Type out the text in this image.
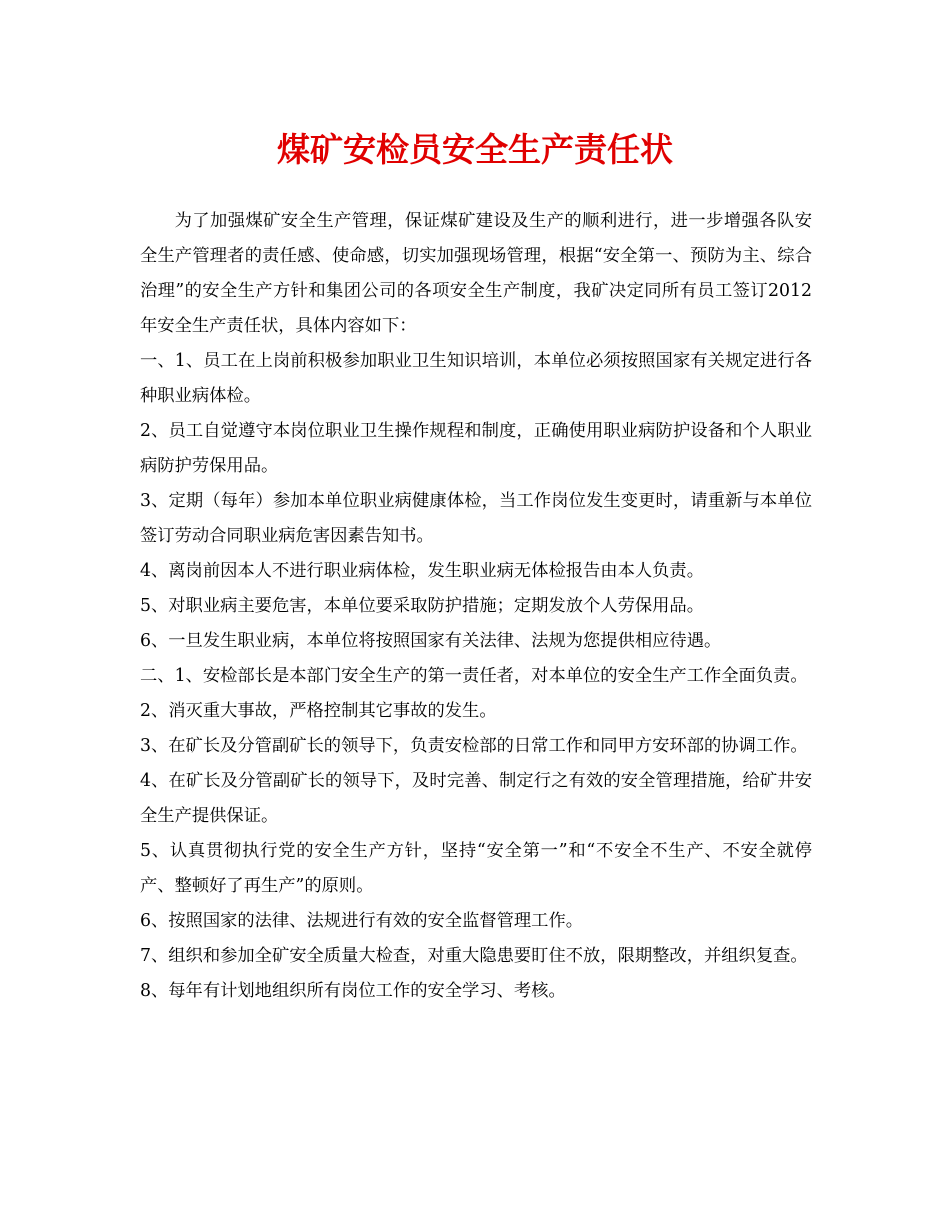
煤矿安检员安全生产责任状

为了加强煤矿安全生产管理，保证煤矿建设及生产的顺利进行，进一步增强各队安全生产管理者的责任感、使命感，切实加强现场管理，根据“安全第一、预防为主、综合治理”的安全生产方针和集团公司的各项安全生产制度，我矿决定同所有员工签订2012年安全生产责任状，具体内容如下：

一、1、员工在上岗前积极参加职业卫生知识培训，本单位必须按照国家有关规定进行各种职业病体检。

2、员工自觉遵守本岗位职业卫生操作规程和制度，正确使用职业病防护设备和个人职业病防护劳保用品。

3、定期（每年）参加本单位职业病健康体检，当工作岗位发生变更时，请重新与本单位签订劳动合同职业病危害因素告知书。

4、离岗前因本人不进行职业病体检，发生职业病无体检报告由本人负责。

5、对职业病主要危害，本单位要采取防护措施；定期发放个人劳保用品。

6、一旦发生职业病，本单位将按照国家有关法律、法规为您提供相应待遇。

二、1、安检部长是本部门安全生产的第一责任者，对本单位的安全生产工作全面负责。

2、消灭重大事故，严格控制其它事故的发生。

3、在矿长及分管副矿长的领导下，负责安检部的日常工作和同甲方安环部的协调工作。

4、在矿长及分管副矿长的领导下，及时完善、制定行之有效的安全管理措施，给矿井安全生产提供保证。

5、认真贯彻执行党的安全生产方针，坚持“安全第一”和“不安全不生产、不安全就停产、整顿好了再生产”的原则。

6、按照国家的法律、法规进行有效的安全监督管理工作。

7、组织和参加全矿安全质量大检查，对重大隐患要盯住不放，限期整改，并组织复查。

8、每年有计划地组织所有岗位工作的安全学习、考核。
